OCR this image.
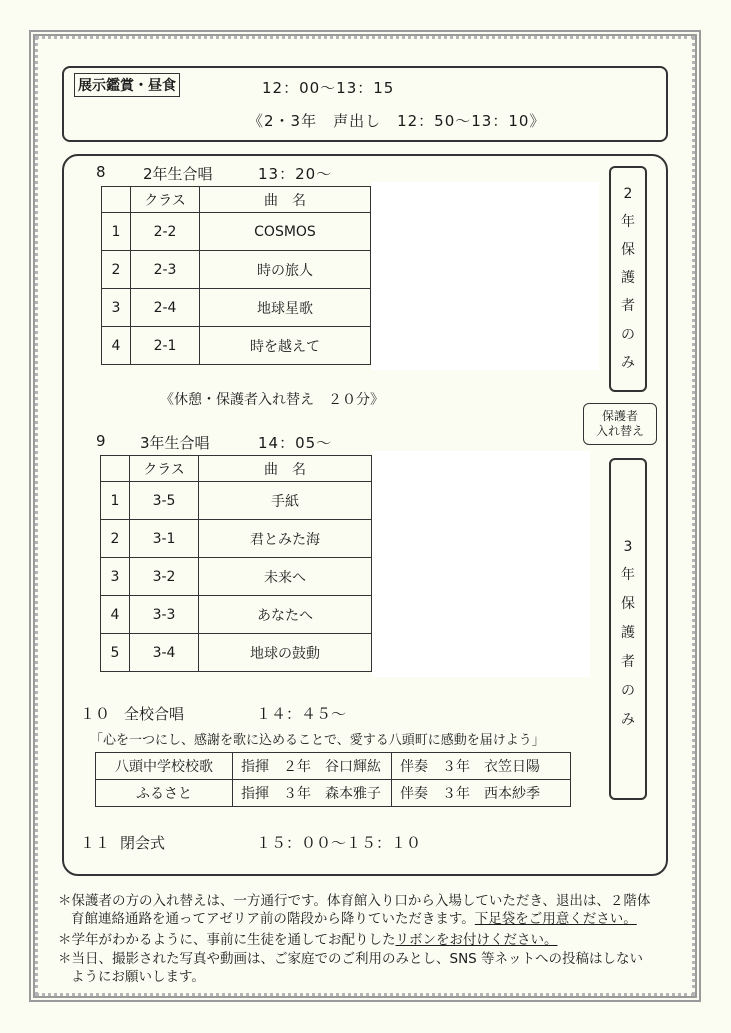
展示鑑賞・昼食	12：00～13：15
《2・3年　声出し　12：50～13：10》
8 2年生合唱	13：20～
	クラス	曲　名
1	2-2	COSMOS
2	2-3	時の旅人
3	2-4	地球星歌
4	2-1	時を越えて
2
年
保
護
者
の
み
《休憩・保護者入れ替え　２０分》
保護者
入れ替え
9 3年生合唱	14：05～
	クラス	曲　名
1	3-5	手紙
2	3-1	君とみた海
3	3-2	未来へ
4	3-3	あなたへ
5	3-4	地球の鼓動
3
年
保
護
者
の
み
１０ 全校合唱	１４：４５～
「心を一つにし、感謝を歌に込めることで、愛する八頭町に感動を届けよう」
八頭中学校校歌	指揮　２年　谷口輝紘	伴奏　３年　衣笠日陽
ふるさと	指揮　３年　森本雅子	伴奏　３年　西本紗季
１１ 閉会式	１５：００～１５：１０
＊保護者の方の入れ替えは、一方通行です。体育館入り口から入場していただき、退出は、２階体
育館連絡通路を通ってアゼリア前の階段から降りていただきます。下足袋をご用意ください。
＊学年がわかるように、事前に生徒を通してお配りしたリボンをお付けください。
＊当日、撮影された写真や動画は、ご家庭でのご利用のみとし、SNS 等ネットへの投稿はしない
ようにお願いします。
